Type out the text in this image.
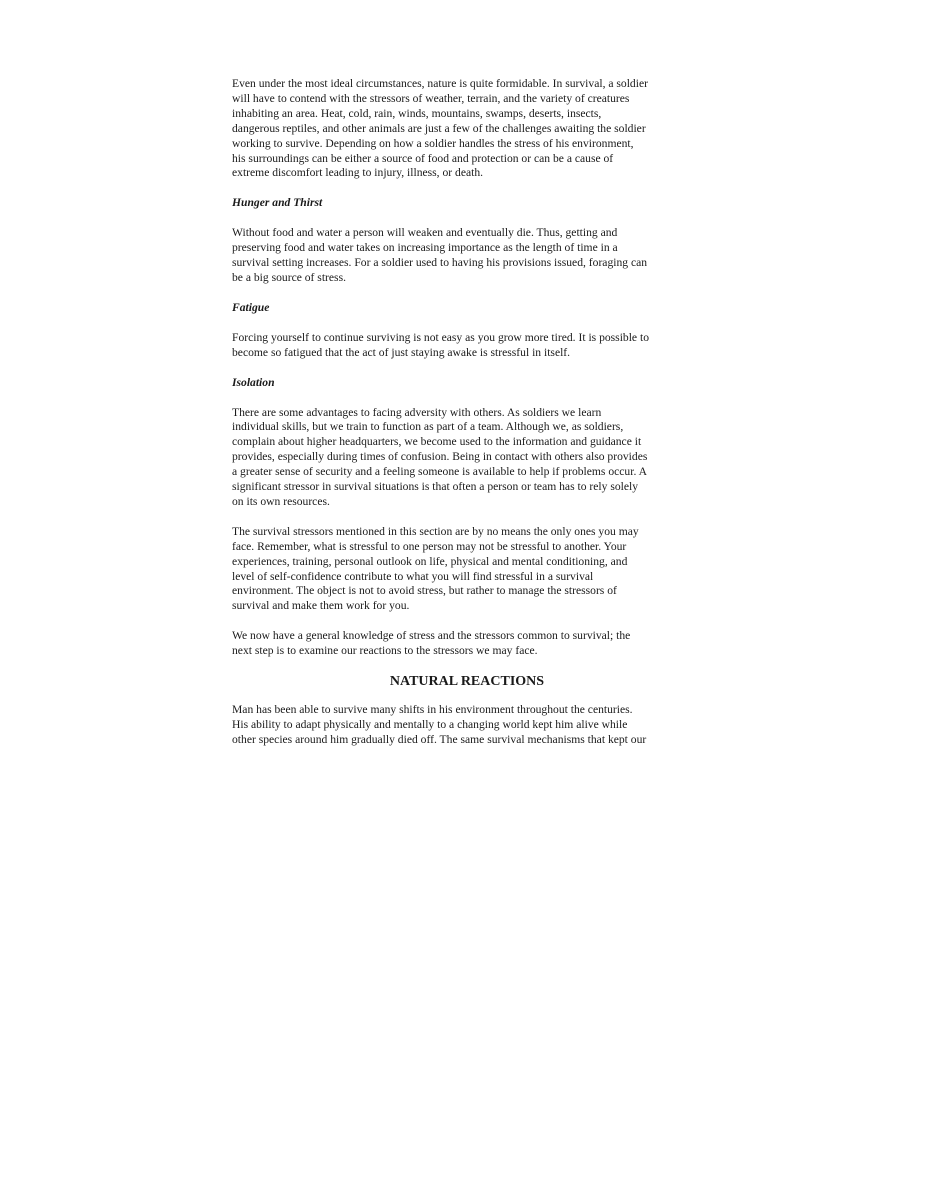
Even under the most ideal circumstances, nature is quite formidable. In survival, a soldier
will have to contend with the stressors of weather, terrain, and the variety of creatures
inhabiting an area. Heat, cold, rain, winds, mountains, swamps, deserts, insects,
dangerous reptiles, and other animals are just a few of the challenges awaiting the soldier
working to survive. Depending on how a soldier handles the stress of his environment,
his surroundings can be either a source of food and protection or can be a cause of
extreme discomfort leading to injury, illness, or death.

Hunger and Thirst

Without food and water a person will weaken and eventually die. Thus, getting and
preserving food and water takes on increasing importance as the length of time in a
survival setting increases. For a soldier used to having his provisions issued, foraging can
be a big source of stress.

Fatigue

Forcing yourself to continue surviving is not easy as you grow more tired. It is possible to
become so fatigued that the act of just staying awake is stressful in itself.

Isolation

There are some advantages to facing adversity with others. As soldiers we learn
individual skills, but we train to function as part of a team. Although we, as soldiers,
complain about higher headquarters, we become used to the information and guidance it
provides, especially during times of confusion. Being in contact with others also provides
a greater sense of security and a feeling someone is available to help if problems occur. A
significant stressor in survival situations is that often a person or team has to rely solely
on its own resources.

The survival stressors mentioned in this section are by no means the only ones you may
face. Remember, what is stressful to one person may not be stressful to another. Your
experiences, training, personal outlook on life, physical and mental conditioning, and
level of self-confidence contribute to what you will find stressful in a survival
environment. The object is not to avoid stress, but rather to manage the stressors of
survival and make them work for you.

We now have a general knowledge of stress and the stressors common to survival; the
next step is to examine our reactions to the stressors we may face.

NATURAL REACTIONS

Man has been able to survive many shifts in his environment throughout the centuries.
His ability to adapt physically and mentally to a changing world kept him alive while
other species around him gradually died off. The same survival mechanisms that kept our
